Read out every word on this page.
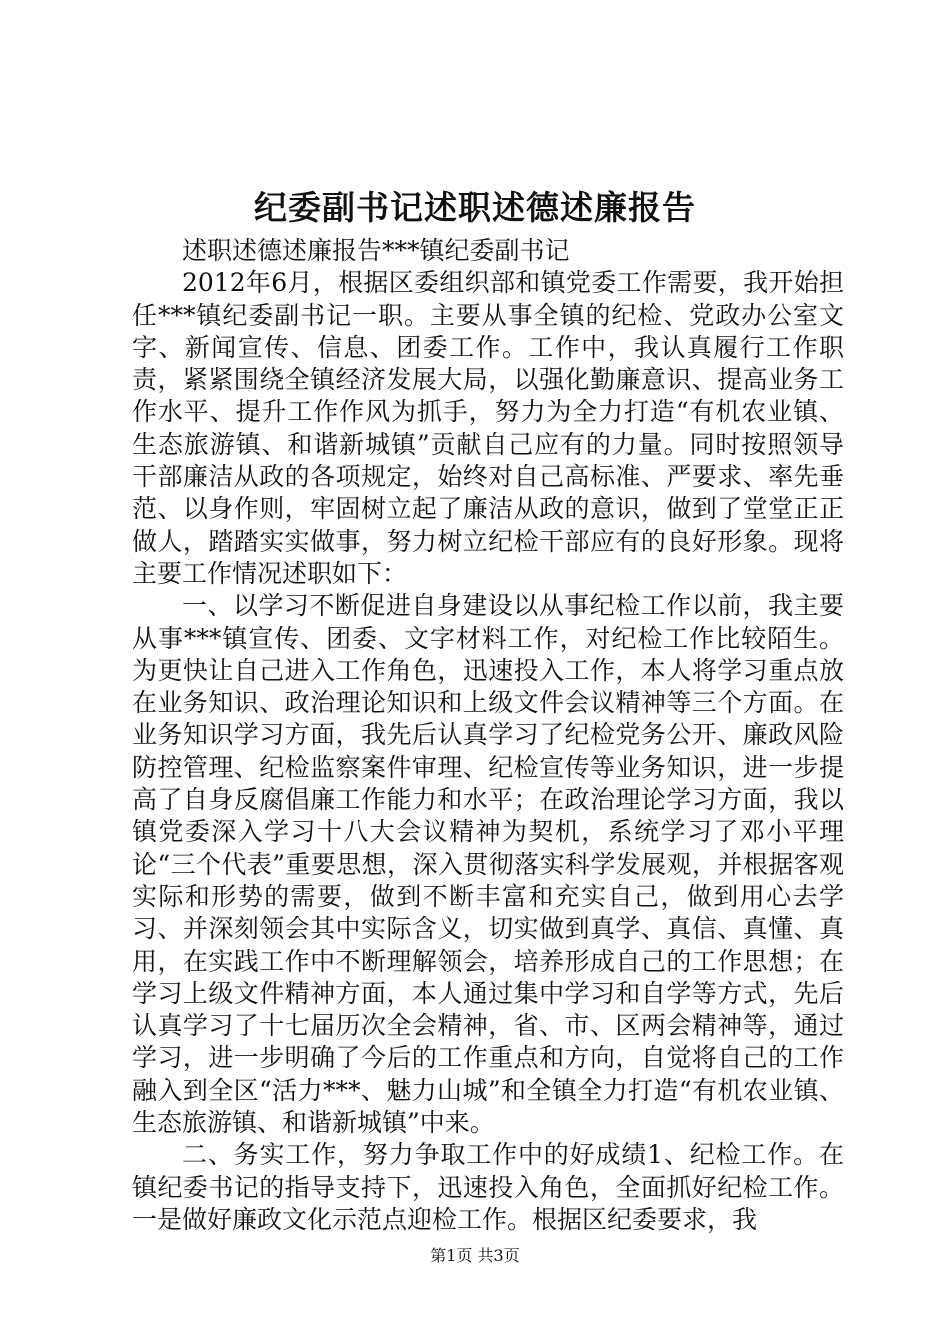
纪委副书记述职述德述廉报告

述职述德述廉报告***镇纪委副书记

2012年6月，根据区委组织部和镇党委工作需要，我开始担任***镇纪委副书记一职。主要从事全镇的纪检、党政办公室文字、新闻宣传、信息、团委工作。工作中，我认真履行工作职责，紧紧围绕全镇经济发展大局，以强化勤廉意识、提高业务工作水平、提升工作作风为抓手，努力为全力打造“有机农业镇、生态旅游镇、和谐新城镇”贡献自己应有的力量。同时按照领导干部廉洁从政的各项规定，始终对自己高标准、严要求、率先垂范、以身作则，牢固树立起了廉洁从政的意识，做到了堂堂正正做人，踏踏实实做事，努力树立纪检干部应有的良好形象。现将主要工作情况述职如下：

一、以学习不断促进自身建设以从事纪检工作以前，我主要从事***镇宣传、团委、文字材料工作，对纪检工作比较陌生。为更快让自己进入工作角色，迅速投入工作，本人将学习重点放在业务知识、政治理论知识和上级文件会议精神等三个方面。在业务知识学习方面，我先后认真学习了纪检党务公开、廉政风险防控管理、纪检监察案件审理、纪检宣传等业务知识，进一步提高了自身反腐倡廉工作能力和水平；在政治理论学习方面，我以镇党委深入学习十八大会议精神为契机，系统学习了邓小平理论“三个代表”重要思想，深入贯彻落实科学发展观，并根据客观实际和形势的需要，做到不断丰富和充实自己，做到用心去学习、并深刻领会其中实际含义，切实做到真学、真信、真懂、真用，在实践工作中不断理解领会，培养形成自己的工作思想；在学习上级文件精神方面，本人通过集中学习和自学等方式，先后认真学习了十七届历次全会精神，省、市、区两会精神等，通过学习，进一步明确了今后的工作重点和方向，自觉将自己的工作融入到全区“活力***、魅力山城”和全镇全力打造“有机农业镇、生态旅游镇、和谐新城镇”中来。

二、务实工作，努力争取工作中的好成绩1、纪检工作。在镇纪委书记的指导支持下，迅速投入角色，全面抓好纪检工作。一是做好廉政文化示范点迎检工作。根据区纪委要求，我

第1页 共3页
